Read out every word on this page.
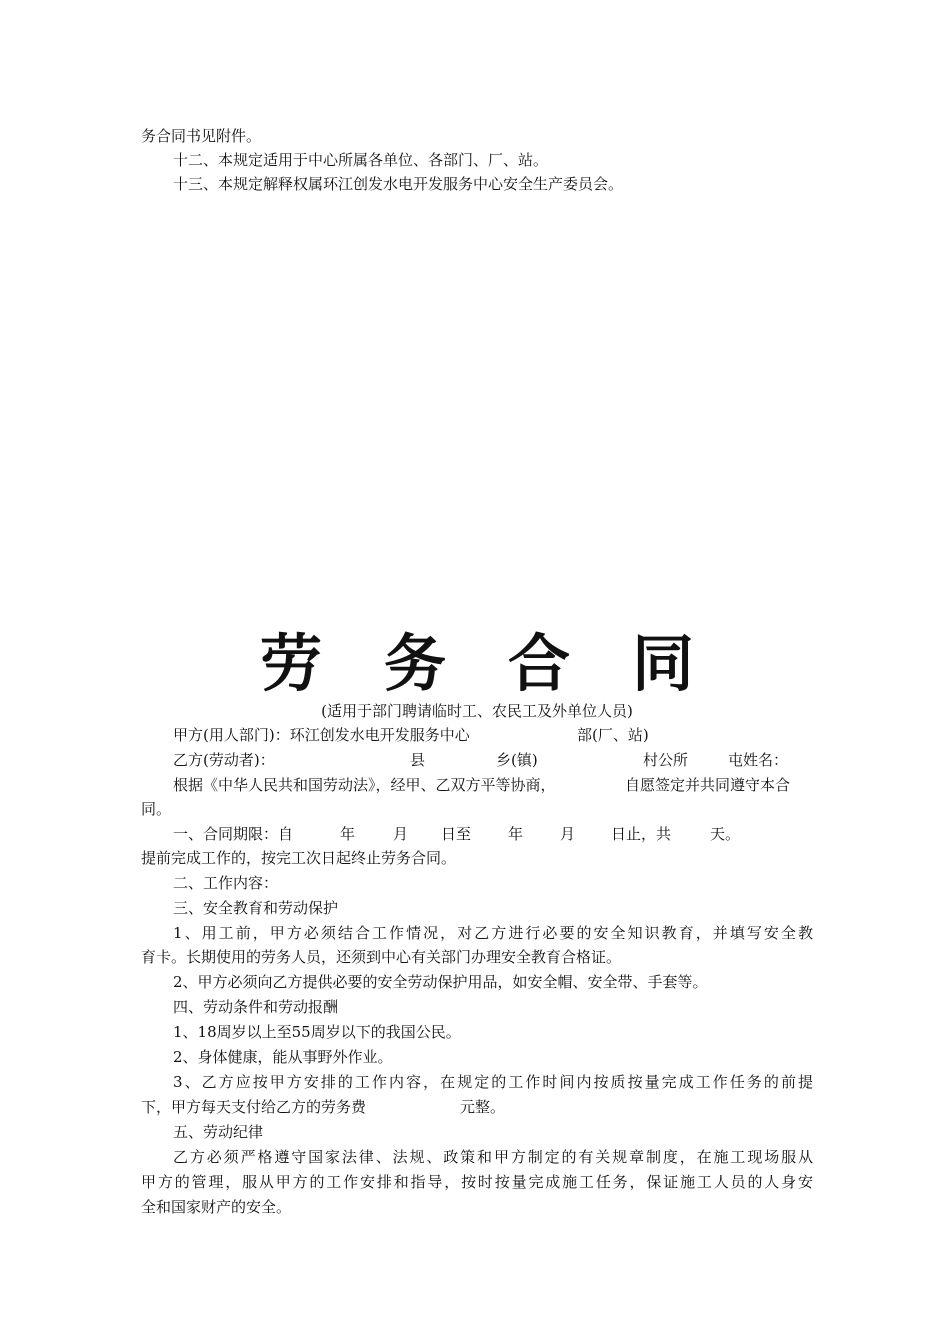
务合同书见附件。
十二、本规定适用于中心所属各单位、各部门、厂、站。
十三、本规定解释权属环江创发水电开发服务中心安全生产委员会。
劳务合同
(适用于部门聘请临时工、农民工及外单位人员)
甲方(用人部门)：环江创发水电开发服务中心	部(厂、站)
乙方(劳动者)：	县	乡(镇)	村公所	屯姓名：
根据《中华人民共和国劳动法》，经甲、乙双方平等协商，	自愿签定并共同遵守本合
同。
一、合同期限：自	年	月 日至 年 月 日止，共	天。
提前完成工作的，按完工次日起终止劳务合同。
二、工作内容：
三、安全教育和劳动保护
1、用工前，甲方必须结合工作情况，对乙方进行必要的安全知识教育，并填写安全教
育卡。长期使用的劳务人员，还须到中心有关部门办理安全教育合格证。
2、甲方必须向乙方提供必要的安全劳动保护用品，如安全帽、安全带、手套等。
四、劳动条件和劳动报酬
1、18周岁以上至55周岁以下的我国公民。
2、身体健康，能从事野外作业。
3、乙方应按甲方安排的工作内容，在规定的工作时间内按质按量完成工作任务的前提
下，甲方每天支付给乙方的劳务费	元整。
五、劳动纪律
乙方必须严格遵守国家法律、法规、政策和甲方制定的有关规章制度，在施工现场服从
甲方的管理，服从甲方的工作安排和指导，按时按量完成施工任务，保证施工人员的人身安
全和国家财产的安全。
